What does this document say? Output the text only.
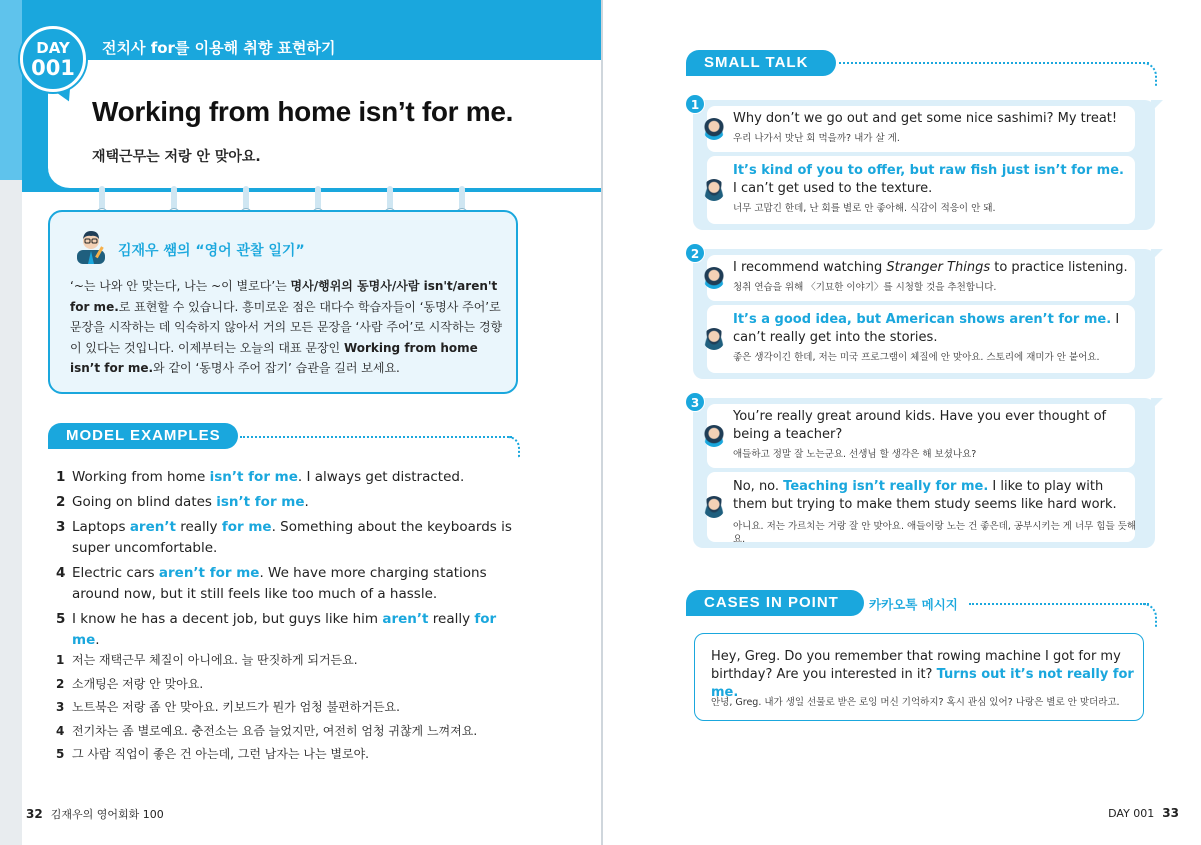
전치사 for를 이용해 취향 표현하기
DAY
001
Working from home isn’t for me.
재택근무는 저랑 안 맞아요.
김재우 쌤의 “영어 관찰 일기”
‘~는 나와 안 맞는다, 나는 ~이 별로다’는 명사/행위의 동명사/사람 isn't/aren't for me.로 표현할 수 있습니다. 흥미로운 점은 대다수 학습자들이 ‘동명사 주어’로 문장을 시작하는 데 익숙하지 않아서 거의 모든 문장을 ‘사람 주어’로 시작하는 경향이 있다는 것입니다. 이제부터는 오늘의 대표 문장인 Working from home isn’t for me.와 같이 ‘동명사 주어 잡기’ 습관을 길러 보세요.
MODEL EXAMPLES
1 Working from home isn’t for me. I always get distracted.
2 Going on blind dates isn’t for me.
3 Laptops aren’t really for me. Something about the keyboards is super uncomfortable.
4 Electric cars aren’t for me. We have more charging stations around now, but it still feels like too much of a hassle.
5 I know he has a decent job, but guys like him aren’t really for me.
1 저는 재택근무 체질이 아니에요. 늘 딴짓하게 되거든요.
2 소개팅은 저랑 안 맞아요.
3 노트북은 저랑 좀 안 맞아요. 키보드가 뭔가 엄청 불편하거든요.
4 전기차는 좀 별로예요. 충전소는 요즘 늘었지만, 여전히 엄청 귀찮게 느껴져요.
5 그 사람 직업이 좋은 건 아는데, 그런 남자는 나는 별로야.
32 김재우의 영어회화 100
SMALL TALK
1
Why don’t we go out and get some nice sashimi? My treat!
우리 나가서 맛난 회 먹을까? 내가 살 게.
It’s kind of you to offer, but raw fish just isn’t for me. I can’t get used to the texture.
너무 고맙긴 한데, 난 회를 별로 안 좋아해. 식감이 적응이 안 돼.
2
I recommend watching Stranger Things to practice listening.
청취 연습을 위해 〈기묘한 이야기〉를 시청할 것을 추천합니다.
It’s a good idea, but American shows aren’t for me. I can’t really get into the stories.
좋은 생각이긴 한데, 저는 미국 프로그램이 체질에 안 맞아요. 스토리에 재미가 안 붙어요.
3
You’re really great around kids. Have you ever thought of being a teacher?
애들하고 정말 잘 노는군요. 선생님 할 생각은 해 보셨나요?
No, no. Teaching isn’t really for me. I like to play with them but trying to make them study seems like hard work.
아니요. 저는 가르치는 거랑 잘 안 맞아요. 애들이랑 노는 건 좋은데, 공부시키는 게 너무 힘들 듯해요.
CASES IN POINT	카카오톡 메시지
Hey, Greg. Do you remember that rowing machine I got for my birthday? Are you interested in it? Turns out it’s not really for me.
안녕, Greg. 내가 생일 선물로 받은 로잉 머신 기억하지? 혹시 관심 있어? 나랑은 별로 안 맞더라고.
DAY 001 33
